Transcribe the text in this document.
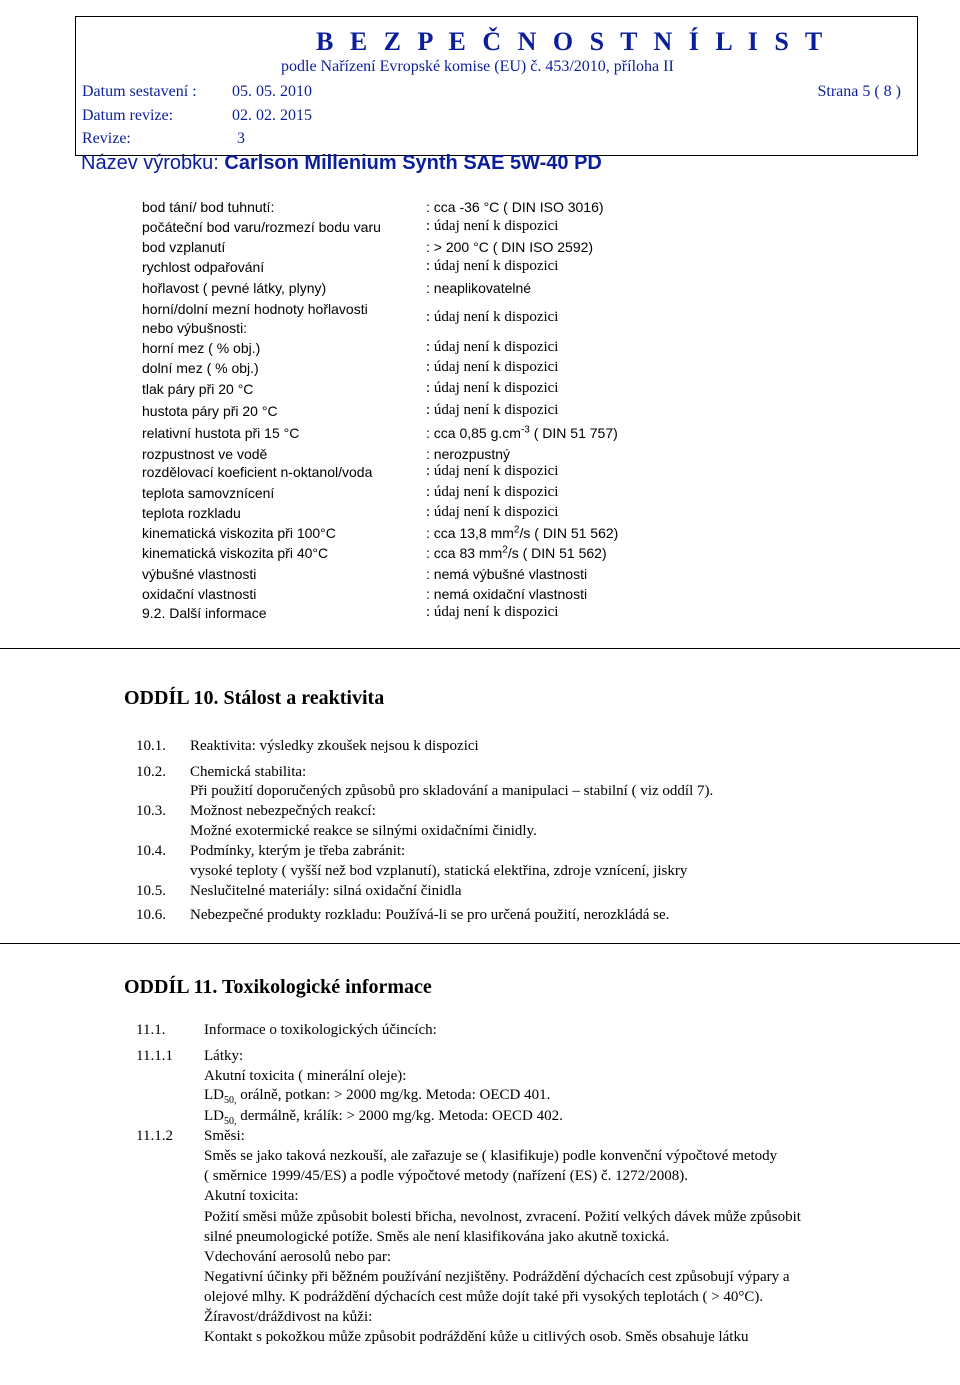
B E Z P E Č N O S T N Í L I S T
podle Nařízení Evropské komise (EU) č. 453/2010, příloha II
Datum sestavení : 05. 05. 2010
Datum revize:	02. 02. 2015
Revize:	3
Strana 5 ( 8 )
Název výrobku: Carlson Millenium Synth SAE 5W-40 PD
bod tání/ bod tuhnutí:	: cca -36 °C ( DIN ISO 3016)
počáteční bod varu/rozmezí bodu varu	: údaj není k dispozici
bod vzplanutí	: > 200 °C ( DIN ISO 2592)
rychlost odpařování	: údaj není k dispozici
hořlavost ( pevné látky, plyny)	: neaplikovatelné
horní/dolní mezní hodnoty hořlavosti
nebo výbušnosti:
: údaj není k dispozici
horní mez ( % obj.)	: údaj není k dispozici
dolní mez ( % obj.)	: údaj není k dispozici
tlak páry při 20 °C	: údaj není k dispozici
hustota páry při 20 °C	: údaj není k dispozici
relativní hustota při 15 °C	: cca 0,85 $g.cm^{-3}$ ( DIN 51 757)
rozpustnost ve vodě	: nerozpustný
rozdělovací koeficient n-oktanol/voda	: údaj není k dispozici
teplota samovznícení	: údaj není k dispozici
teplota rozkladu	: údaj není k dispozici
kinematická viskozita při 100°C	: cca 13,8 $mm^2/s$ ( DIN 51 562)
kinematická viskozita při 40°C	: cca 83 $mm^2/s$ ( DIN 51 562)
výbušné vlastnosti	: nemá výbušné vlastnosti
oxidační vlastnosti	: nemá oxidační vlastnosti
9.2. Další informace	: údaj není k dispozici
ODDÍL 10. Stálost a reaktivita
10.1. Reaktivita: výsledky zkoušek nejsou k dispozici
10.2. Chemická stabilita:
Při použití doporučených způsobů pro skladování a manipulaci – stabilní ( viz oddíl 7).
10.3. Možnost nebezpečných reakcí:
Možné exotermické reakce se silnými oxidačními činidly.
10.4. Podmínky, kterým je třeba zabránit:
vysoké teploty ( vyšší než bod vzplanutí), statická elektřina, zdroje vznícení, jiskry
10.5. Neslučitelné materiály: silná oxidační činidla
10.6. Nebezpečné produkty rozkladu: Používá-li se pro určená použití, nerozkládá se.
ODDÍL 11. Toxikologické informace
11.1.	Informace o toxikologických účincích:
11.1.1 Látky:
Akutní toxicita ( minerální oleje):
$LD_{50,}$ orálně, potkan: > 2000 mg/kg. Metoda: OECD 401.
$LD_{50,}$ dermálně, králík: > 2000 mg/kg. Metoda: OECD 402.
11.1.2 Směsi:
Směs se jako taková nezkouší, ale zařazuje se ( klasifikuje) podle konvenční výpočtové metody
( směrnice 1999/45/ES) a podle výpočtové metody (nařízení (ES) č. 1272/2008).
Akutní toxicita:
Požití směsi může způsobit bolesti břicha, nevolnost, zvracení. Požití velkých dávek může způsobit
silné pneumologické potíže. Směs ale není klasifikována jako akutně toxická.
Vdechování aerosolů nebo par:
Negativní účinky při běžném používání nezjištěny. Podráždění dýchacích cest způsobují výpary a
olejové mlhy. K podráždění dýchacích cest může dojít také při vysokých teplotách ( > 40°C).
Žíravost/dráždivost na kůži:
Kontakt s pokožkou může způsobit podráždění kůže u citlivých osob. Směs obsahuje látku
